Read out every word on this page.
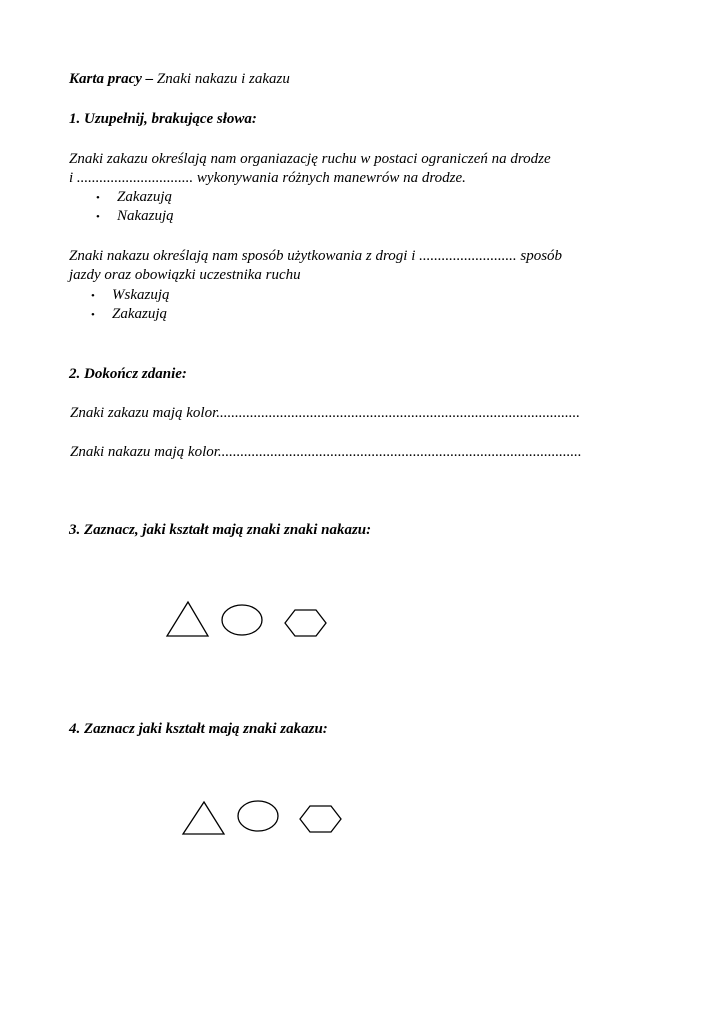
Karta pracy – Znaki nakazu i zakazu
1. Uzupełnij, brakujące słowa:
Znaki zakazu określają nam organiazację ruchu w postaci ograniczeń na drodze
i ............................... wykonywania różnych manewrów na drodze.
• Zakazują
• Nakazują
Znaki nakazu określają nam sposób użytkowania z drogi i .......................... sposób
jazdy oraz obowiązki uczestnika ruchu
• Wskazują
• Zakazują
2. Dokończ zdanie:
Znaki zakazu mają kolor.................................................................................................
Znaki nakazu mają kolor.................................................................................................
3. Zaznacz, jaki kształt mają znaki znaki nakazu:
4. Zaznacz jaki kształt mają znaki zakazu:
